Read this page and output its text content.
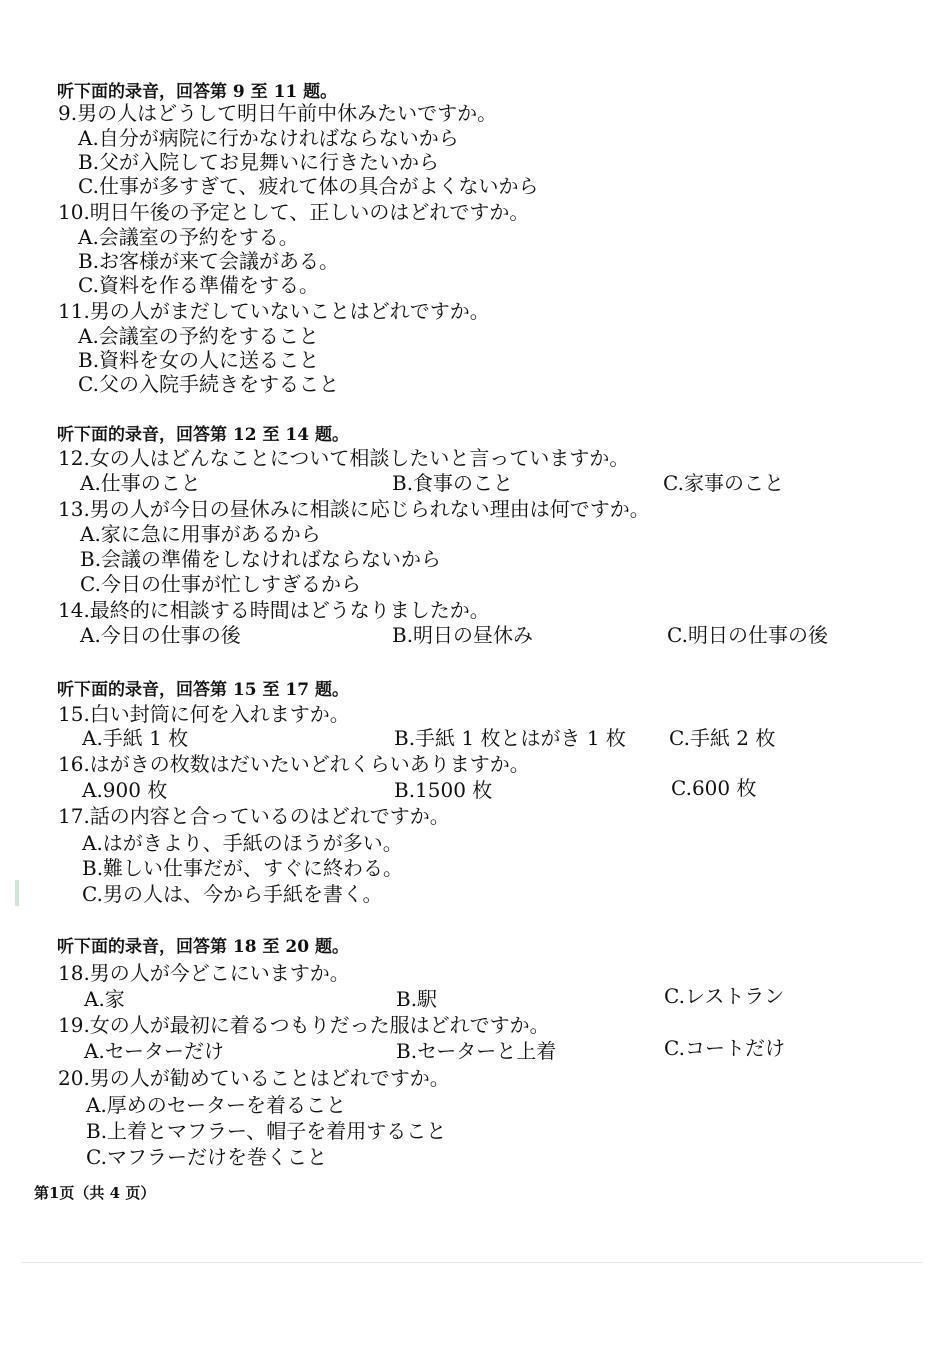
听下面的录音，回答第 9 至 11 题。
9.男の人はどうして明日午前中休みたいですか。
A.自分が病院に行かなければならないから
B.父が入院してお見舞いに行きたいから
C.仕事が多すぎて、疲れて体の具合がよくないから
10.明日午後の予定として、正しいのはどれですか。
A.会議室の予約をする。
B.お客様が来て会議がある。
C.資料を作る準備をする。
11.男の人がまだしていないことはどれですか。
A.会議室の予約をすること
B.資料を女の人に送ること
C.父の入院手続きをすること
听下面的录音，回答第 12 至 14 题。
12.女の人はどんなことについて相談したいと言っていますか。
A.仕事のこと	B.食事のこと	C.家事のこと
13.男の人が今日の昼休みに相談に応じられない理由は何ですか。
A.家に急に用事があるから
B.会議の準備をしなければならないから
C.今日の仕事が忙しすぎるから
14.最終的に相談する時間はどうなりましたか。
A.今日の仕事の後	B.明日の昼休み	C.明日の仕事の後
听下面的录音，回答第 15 至 17 题。
15.白い封筒に何を入れますか。
A.手紙 1 枚	B.手紙 1 枚とはがき 1 枚 C.手紙 2 枚
16.はがきの枚数はだいたいどれくらいありますか。
A.900 枚	B.1500 枚	C.600 枚
17.話の内容と合っているのはどれですか。
A.はがきより、手紙のほうが多い。
B.難しい仕事だが、すぐに終わる。
C.男の人は、今から手紙を書く。
听下面的录音，回答第 18 至 20 题。
18.男の人が今どこにいますか。
A.家	B.駅	C.レストラン
19.女の人が最初に着るつもりだった服はどれですか。
A.セーターだけ	B.セーターと上着	C.コートだけ
20.男の人が勧めていることはどれですか。
A.厚めのセーターを着ること
B.上着とマフラー、帽子を着用すること
C.マフラーだけを巻くこと
第1页（共 4 页）
